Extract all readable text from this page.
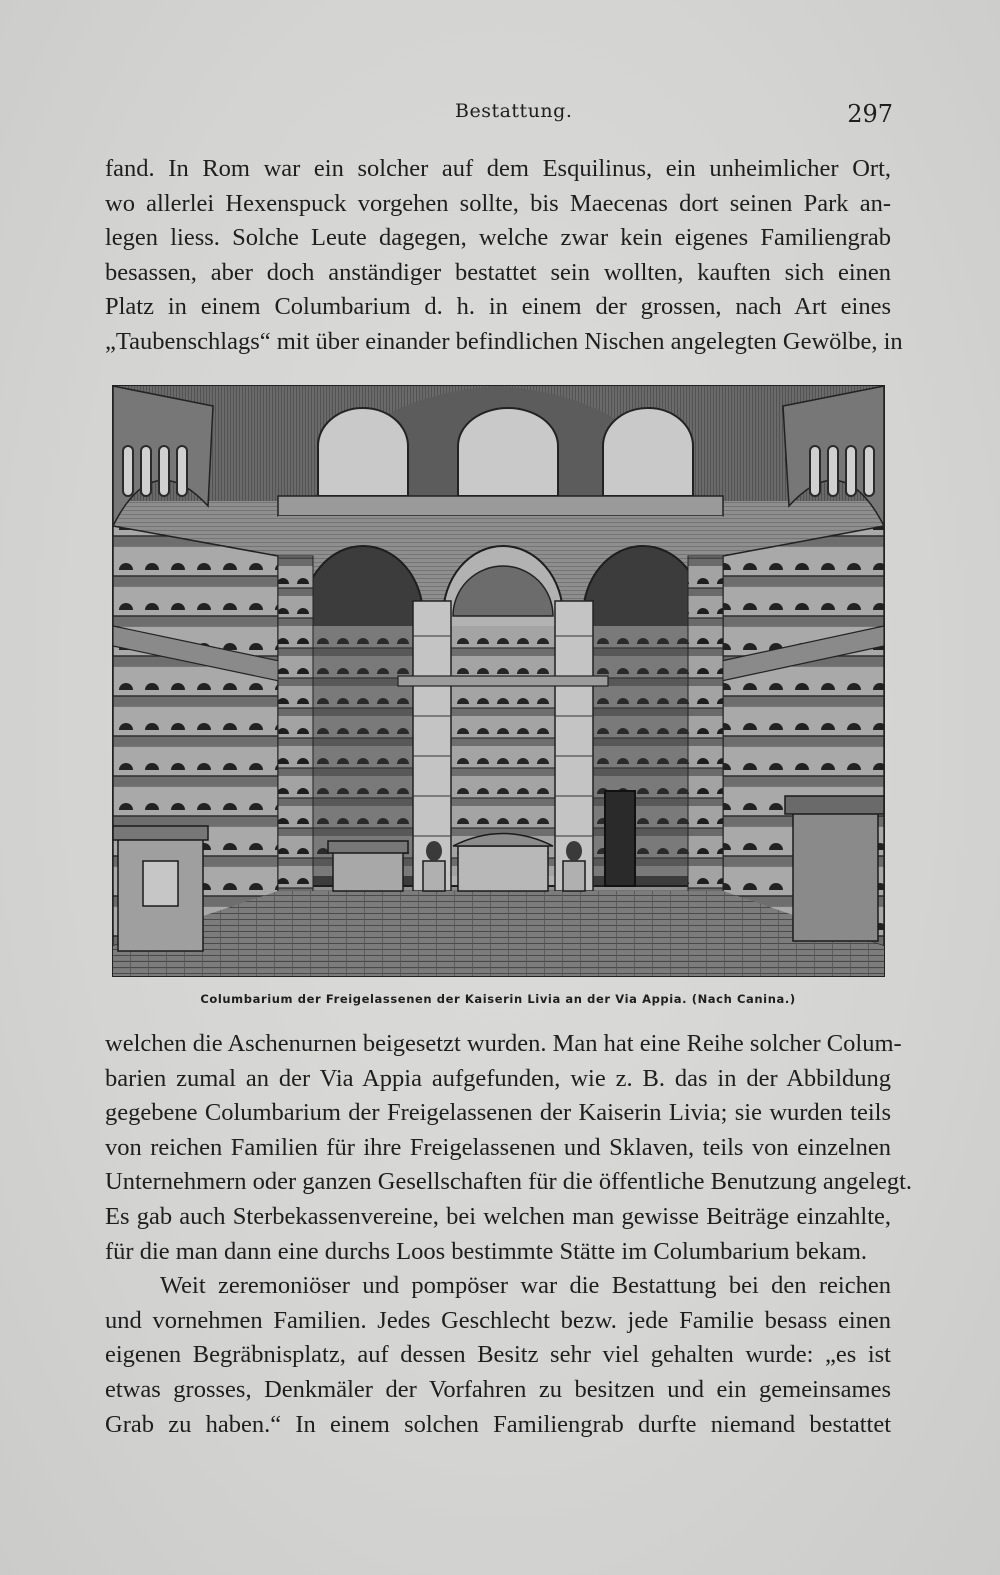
Bestattung.	297
fand. In Rom war ein solcher auf dem Esquilinus, ein unheimlicher Ort,
wo allerlei Hexenspuck vorgehen sollte, bis Maecenas dort seinen Park an-
legen liess. Solche Leute dagegen, welche zwar kein eigenes Familiengrab
besassen, aber doch anständiger bestattet sein wollten, kauften sich einen
Platz in einem Columbarium d. h. in einem der grossen, nach Art eines
„Taubenschlags“ mit über einander befindlichen Nischen angelegten Gewölbe, in
Columbarium der Freigelassenen der Kaiserin Livia an der Via Appia. (Nach Canina.)
welchen die Aschenurnen beigesetzt wurden. Man hat eine Reihe solcher Colum-
barien zumal an der Via Appia aufgefunden, wie z. B. das in der Abbildung
gegebene Columbarium der Freigelassenen der Kaiserin Livia; sie wurden teils
von reichen Familien für ihre Freigelassenen und Sklaven, teils von einzelnen
Unternehmern oder ganzen Gesellschaften für die öffentliche Benutzung angelegt.
Es gab auch Sterbekassenvereine, bei welchen man gewisse Beiträge einzahlte,
für die man dann eine durchs Loos bestimmte Stätte im Columbarium bekam.
Weit zeremoniöser und pompöser war die Bestattung bei den reichen
und vornehmen Familien. Jedes Geschlecht bezw. jede Familie besass einen
eigenen Begräbnisplatz, auf dessen Besitz sehr viel gehalten wurde: „es ist
etwas grosses, Denkmäler der Vorfahren zu besitzen und ein gemeinsames
Grab zu haben.“ In einem solchen Familiengrab durfte niemand bestattet
